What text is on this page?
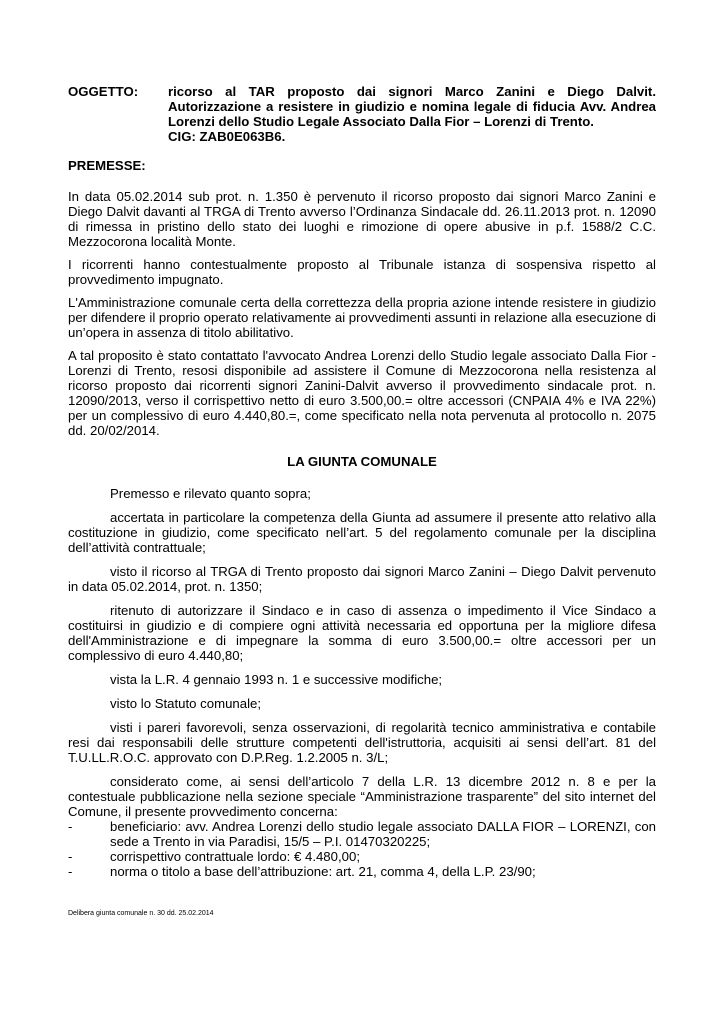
OGGETTO:	ricorso al TAR proposto dai signori Marco Zanini e Diego Dalvit.
Autorizzazione a resistere in giudizio e nomina legale di fiducia Avv. Andrea
Lorenzi dello Studio Legale Associato Dalla Fior – Lorenzi di Trento.
CIG: ZAB0E063B6.
PREMESSE:

In data 05.02.2014 sub prot. n. 1.350 è pervenuto il ricorso proposto dai signori Marco Zanini e Diego Dalvit davanti al TRGA di Trento avverso l’Ordinanza Sindacale dd. 26.11.2013 prot. n. 12090 di rimessa in pristino dello stato dei luoghi e rimozione di opere abusive in p.f. 1588/2 C.C. Mezzocorona località Monte.

I ricorrenti hanno contestualmente proposto al Tribunale istanza di sospensiva rispetto al provvedimento impugnato.

L'Amministrazione comunale certa della correttezza della propria azione intende resistere in giudizio per difendere il proprio operato relativamente ai provvedimenti assunti in relazione alla esecuzione di un’opera in assenza di titolo abilitativo.

A tal proposito è stato contattato l'avvocato Andrea Lorenzi dello Studio legale associato Dalla Fior - Lorenzi di Trento, resosi disponibile ad assistere il Comune di Mezzocorona nella resistenza al ricorso proposto dai ricorrenti signori Zanini-Dalvit avverso il provvedimento sindacale prot. n. 12090/2013, verso il corrispettivo netto di euro 3.500,00.= oltre accessori (CNPAIA 4% e IVA 22%) per un complessivo di euro 4.440,80.=, come specificato nella nota pervenuta al protocollo n. 2075 dd. 20/02/2014.

LA GIUNTA COMUNALE

Premesso e rilevato quanto sopra;

accertata in particolare la competenza della Giunta ad assumere il presente atto relativo alla costituzione in giudizio, come specificato nell’art. 5 del regolamento comunale per la disciplina dell’attività contrattuale;

visto il ricorso al TRGA di Trento proposto dai signori Marco Zanini – Diego Dalvit pervenuto in data 05.02.2014, prot. n. 1350;

ritenuto di autorizzare il Sindaco e in caso di assenza o impedimento il Vice Sindaco a costituirsi in giudizio e di compiere ogni attività necessaria ed opportuna per la migliore difesa dell'Amministrazione e di impegnare la somma di euro 3.500,00.= oltre accessori per un complessivo di euro 4.440,80;

vista la L.R. 4 gennaio 1993 n. 1 e successive modifiche;

visto lo Statuto comunale;

visti i pareri favorevoli, senza osservazioni, di regolarità tecnico amministrativa e contabile resi dai responsabili delle strutture competenti dell'istruttoria, acquisiti ai sensi dell’art. 81 del T.U.LL.R.O.C. approvato con D.P.Reg. 1.2.2005 n. 3/L;

considerato come, ai sensi dell’articolo 7 della L.R. 13 dicembre 2012 n. 8 e per la contestuale pubblicazione nella sezione speciale “Amministrazione trasparente” del sito internet del Comune, il presente provvedimento concerna:

-	beneficiario: avv. Andrea Lorenzi dello studio legale associato DALLA FIOR – LORENZI, con sede a Trento in via Paradisi, 15/5 – P.I. 01470320225;
-	corrispettivo contrattuale lordo: € 4.480,00;
-	norma o titolo a base dell’attribuzione: art. 21, comma 4, della L.P. 23/90;
Delibera giunta comunale n. 30 dd. 25.02.2014
